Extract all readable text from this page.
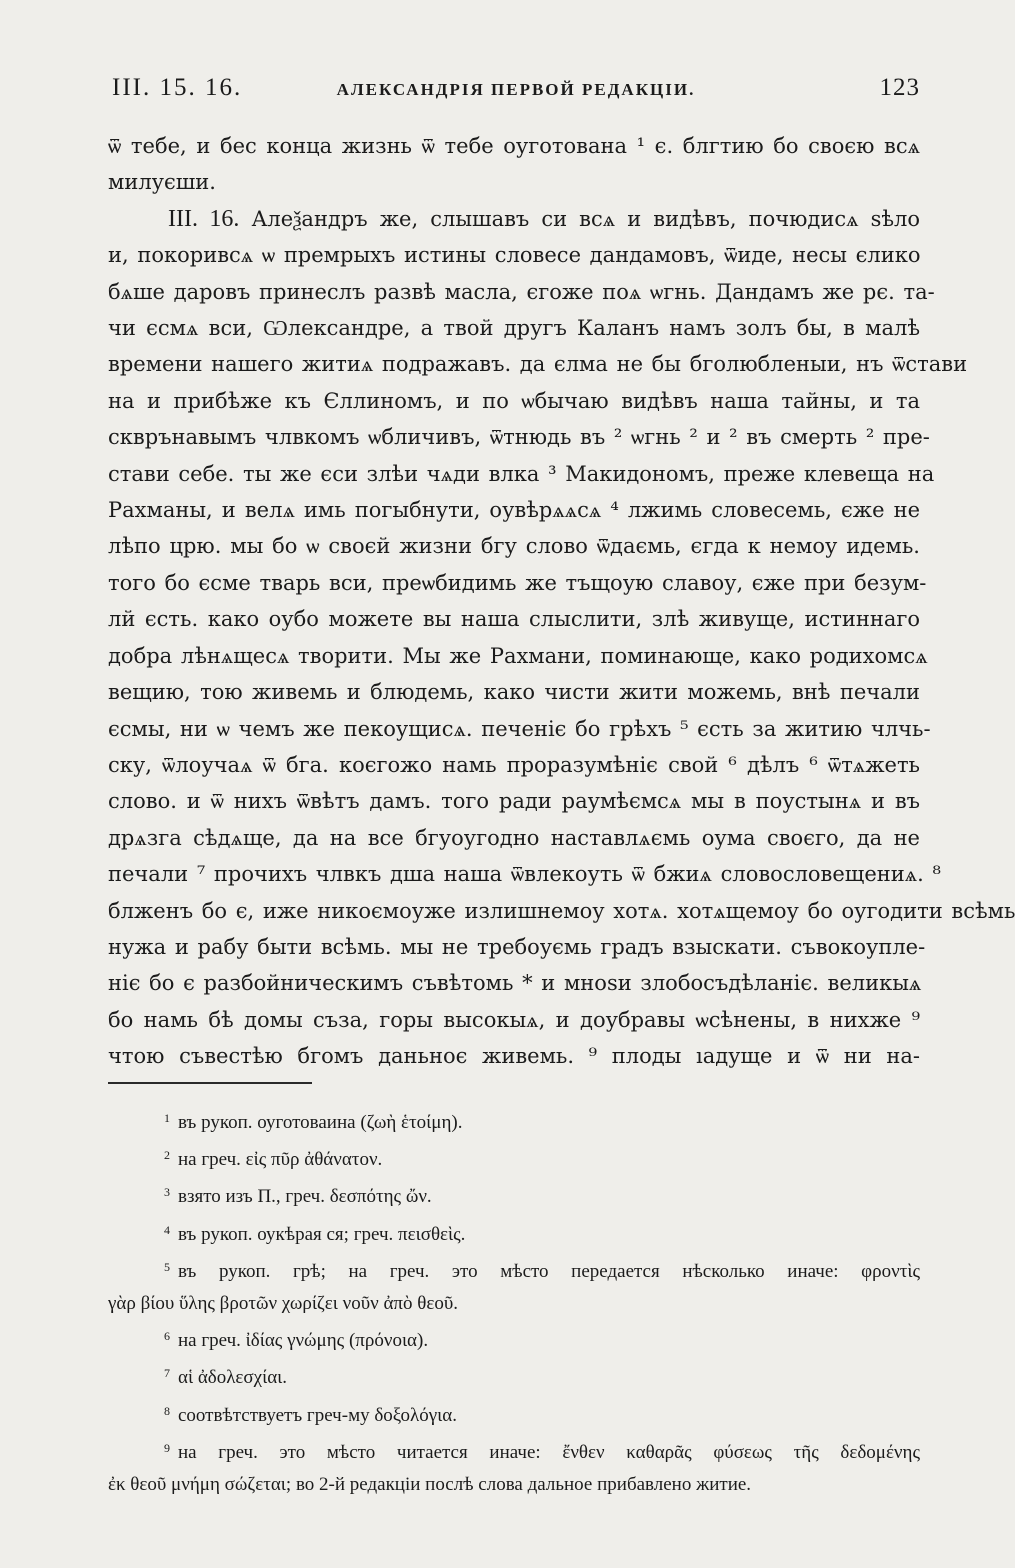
III. 15. 16.	АЛЕКСАНДРІЯ ПЕРВОЙ РЕДАКЦІИ.	123

ѿ тебе, и бес конца жизнь ѿ тебе оуготована ¹ є. блгтию бо своєю всѧ

милуєши.

III. 16. Алеѯандръ же, слышавъ си всѧ и видѣвъ, почюдисѧ ѕѣло

и, покоривсѧ ѡ премрыхъ истины словесе дандамовъ, ѿиде, несы єлико

бѧше даровъ принеслъ развѣ масла, єгоже поѧ ѡгнь. Дандамъ же рє. та-

чи єсмѧ вси, Ѡлександре, а твой другъ Каланъ намъ золъ бы, в малѣ

времени нашего житиѧ подражавъ. да єлма не бы бголюбленыи, нъ ѿстави

на и прибѣже къ Єллиномъ, и по ѡбычаю видѣвъ наша тайны, и та

скврънавымъ члвкомъ ѡбличивъ, ѿтнюдь въ ² ѡгнь ² и ² въ смерть ² пре-

стави себе. ты же єси злѣи чѧди влка ³ Макидономъ, преже клевеща на

Рахманы, и велѧ имь погыбнути, оувѣрѧѧсѧ ⁴ лжимь словесемь, єже не

лѣпо црю. мы бо ѡ своєй жизни бгу слово ѿдаємь, єгда к немоу идемь.

того бо єсме тварь вси, преѡбидимь же тъщоую славоу, єже при безум-

лй єсть. како оубо можете вы наша слыслити, злѣ живуще, истиннаго

добра лѣнѧщесѧ творити. Мы же Рахмани, поминающе, како родихомсѧ

вещию, тою живемь и блюдемь, како чисти жити можемь, внѣ печали

єсмы, ни ѡ чемъ же пекоущисѧ. печеніє бо грѣхъ ⁵ єсть за житию члчь-

ску, ѿлоучаѧ ѿ бга. коєгожо намь проразумѣніє свой ⁶ дѣлъ ⁶ ѿтѧжеть

слово. и ѿ нихъ ѿвѣтъ дамъ. того ради раумѣємсѧ мы в поустынѧ и въ

дрѧзга сѣдѧще, да на все бгуоугодно наставлѧємь оума своєго, да не

печали ⁷ прочихъ члвкъ дша наша ѿвлекоуть ѿ бжиѧ словословещениѧ. ⁸

блженъ бо є, иже никоємоуже излишнемоу хотѧ. хотѧщемоу бо оугодити всѣмь

нужа и рабу быти всѣмь. мы не требоуємь градъ взыскати. съвокоупле-

ніє бо є разбойническимъ съвѣтомь * и мноѕи злобосъдѣланіє. великыѧ

бо намь бѣ домы съза, горы высокыѧ, и доубравы ѡсѣнены, в нихже ⁹

чтою съвестѣю бгомъ даньноє живемь. ⁹ плоды ıадуще и ѿ ни на-

$^1$ въ рукоп. оуготоваина (ζωὴ ἑτοίμη).

$^2$ на греч. εἰς πῦρ ἀθάνατον.

$^3$ взято изъ П., греч. δεσπότης ὤν.

$^4$ въ рукоп. оукѣрая ся; греч. πεισθεὶς.

$^5$ въ рукоп. грѣ; на греч. это мѣсто передается нѣсколько иначе: φροντὶς

γὰρ βίου ὕλης βροτῶν χωρίζει νοῦν ἀπὸ θεοῦ.

$^6$ на греч. ἰδίας γνώμης (πρόνοια).

$^7$ αἱ ἀδολεσχίαι.

$^8$ соотвѣтствуетъ греч-му δοξολόγια.

$^9$ на греч. это мѣсто читается иначе: ἔνθεν καθαρᾶς φύσεως τῆς δεδομένης

ἐκ θεοῦ μνήμη σώζεται; во 2-й редакціи послѣ слова дальное прибавлено житие.
